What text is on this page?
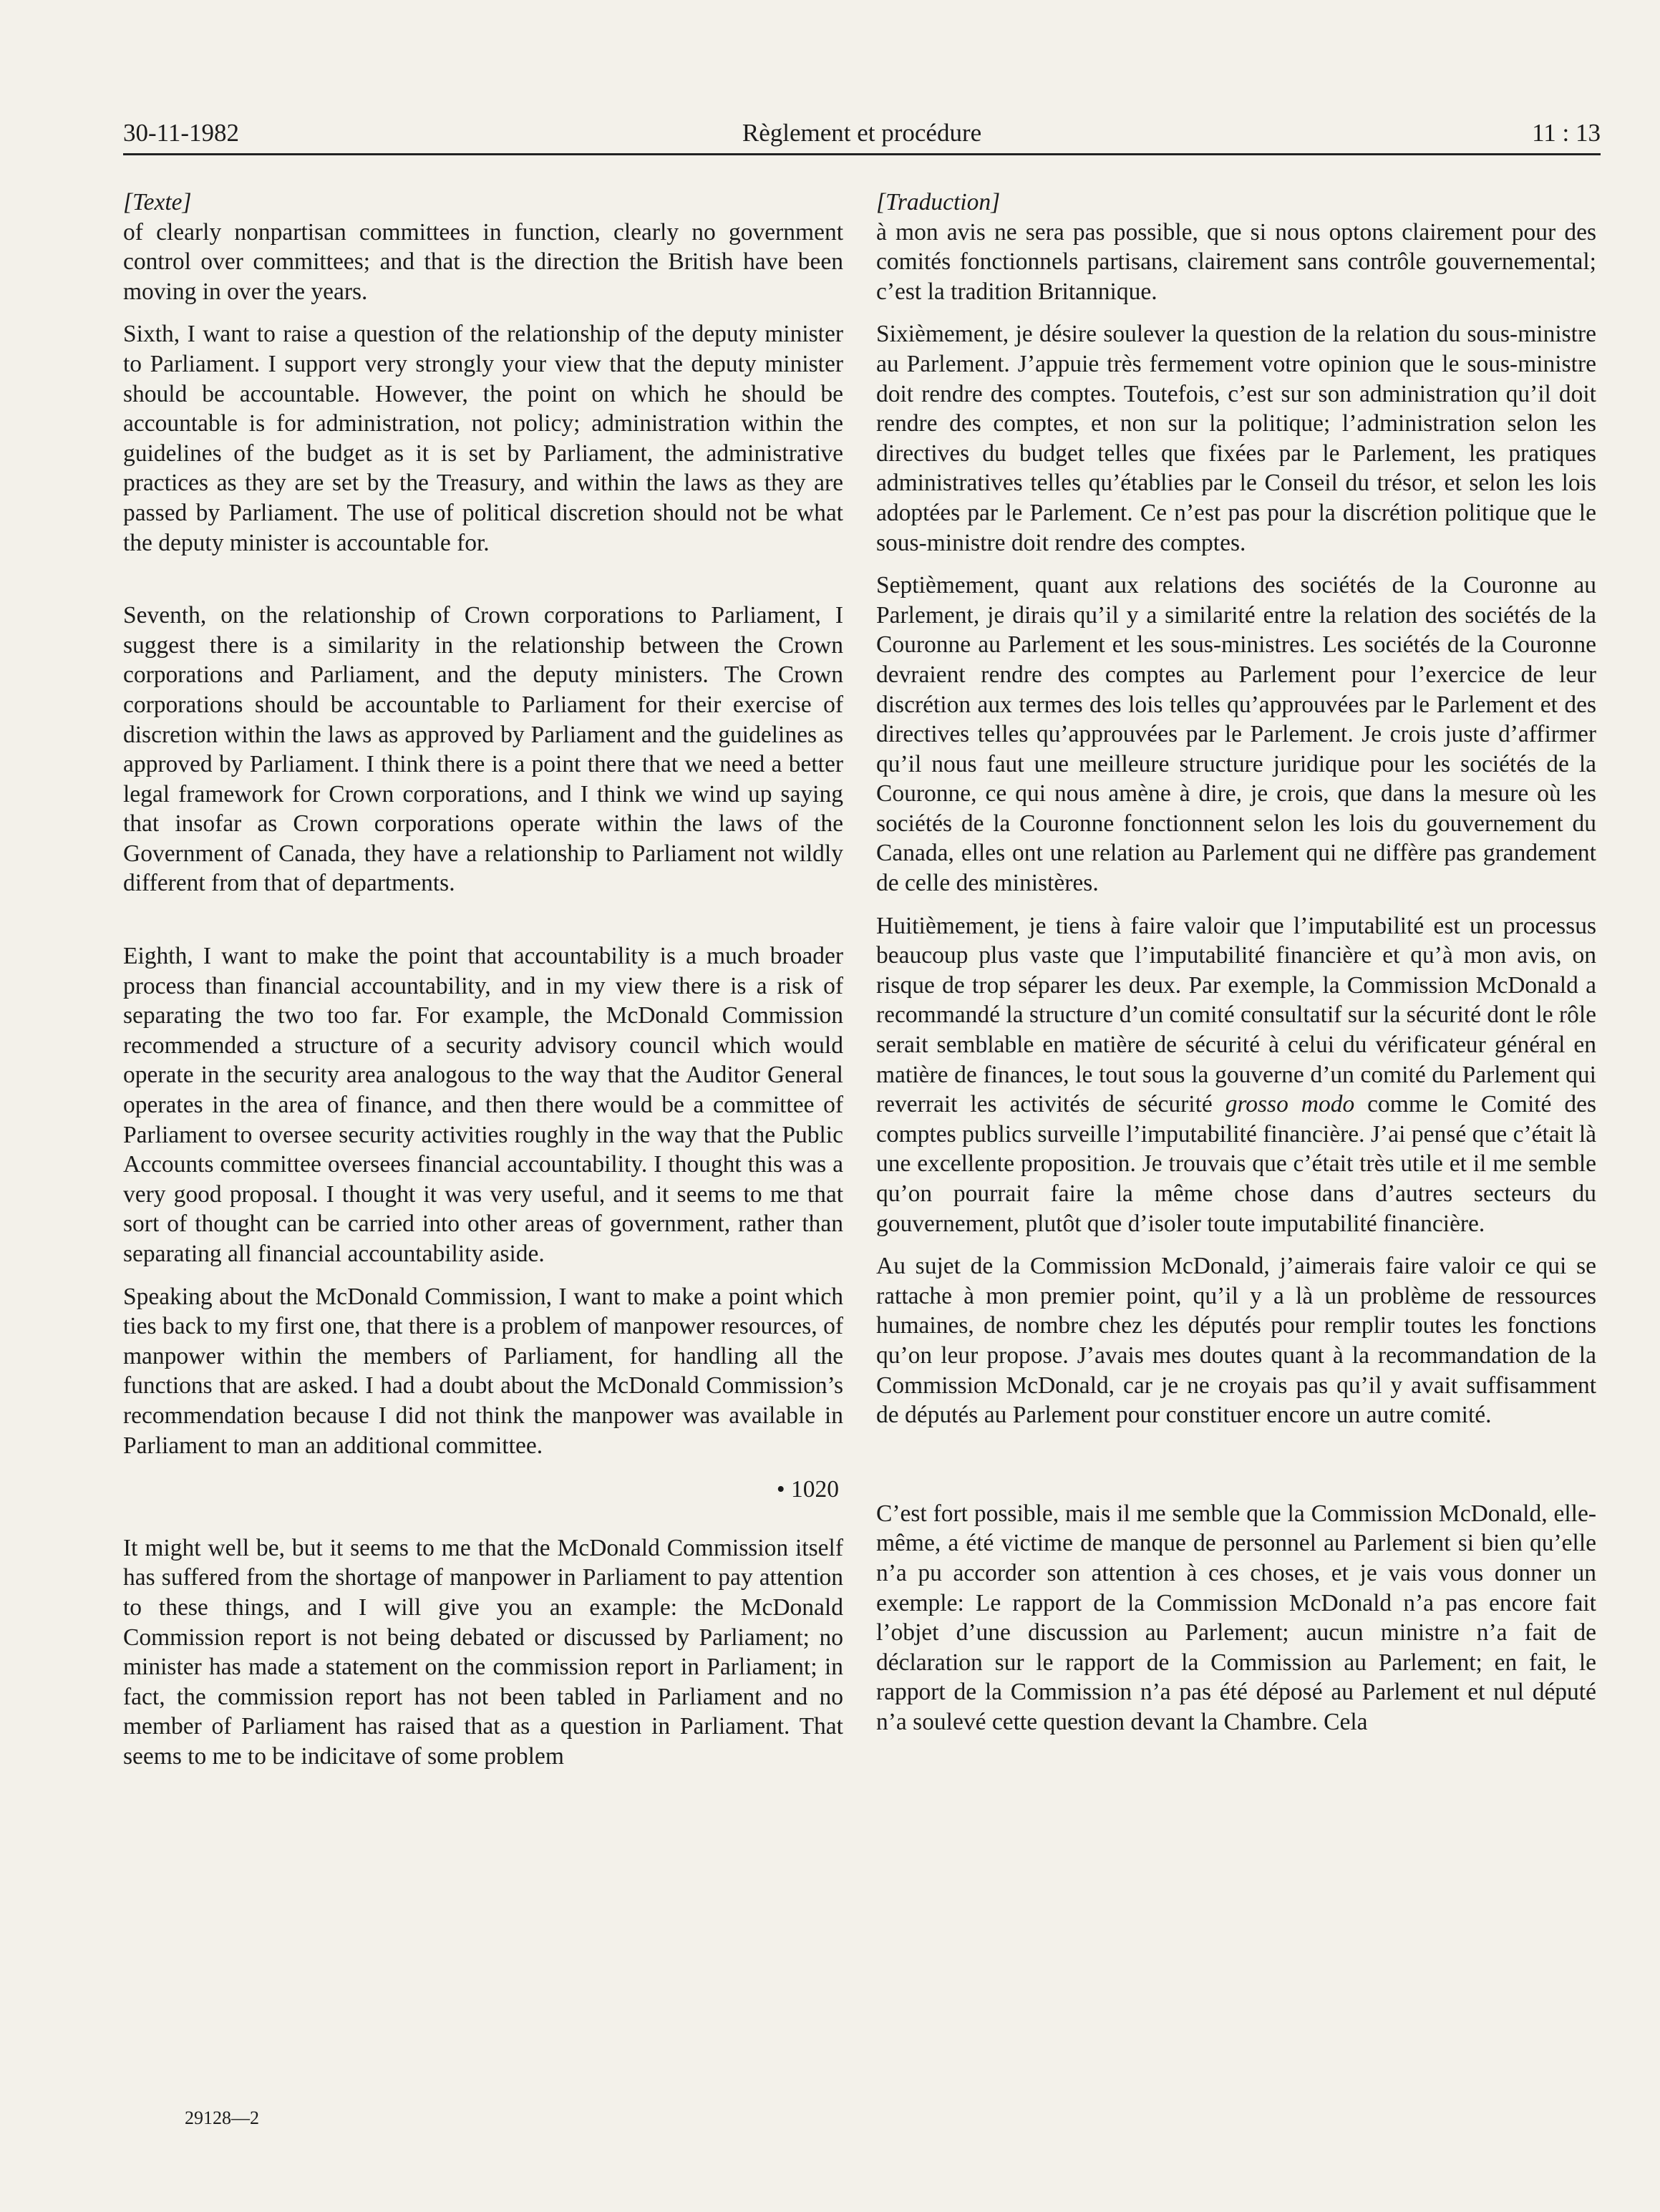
30-11-1982	Règlement et procédure	11 : 13

[Texte]

of clearly nonpartisan committees in function, clearly no government control over committees; and that is the direction the British have been moving in over the years.

Sixth, I want to raise a question of the relationship of the deputy minister to Parliament. I support very strongly your view that the deputy minister should be accountable. However, the point on which he should be accountable is for administration, not policy; administration within the guidelines of the budget as it is set by Parliament, the administrative practices as they are set by the Treasury, and within the laws as they are passed by Parliament. The use of political discretion should not be what the deputy minister is accountable for.

Seventh, on the relationship of Crown corporations to Parliament, I suggest there is a similarity in the relationship between the Crown corporations and Parliament, and the deputy ministers. The Crown corporations should be accountable to Parliament for their exercise of discretion within the laws as approved by Parliament and the guidelines as approved by Parliament. I think there is a point there that we need a better legal framework for Crown corporations, and I think we wind up saying that insofar as Crown corporations operate within the laws of the Government of Canada, they have a relationship to Parliament not wildly different from that of departments.

Eighth, I want to make the point that accountability is a much broader process than financial accountability, and in my view there is a risk of separating the two too far. For example, the McDonald Commission recommended a structure of a security advisory council which would operate in the security area analogous to the way that the Auditor General operates in the area of finance, and then there would be a committee of Parliament to oversee security activities roughly in the way that the Public Accounts committee oversees financial accountability. I thought this was a very good proposal. I thought it was very useful, and it seems to me that sort of thought can be carried into other areas of government, rather than separating all financial accountability aside.

Speaking about the McDonald Commission, I want to make a point which ties back to my first one, that there is a problem of manpower resources, of manpower within the members of Parliament, for handling all the functions that are asked. I had a doubt about the McDonald Commission’s recommendation because I did not think the manpower was available in Parliament to man an additional committee.

• 1020

It might well be, but it seems to me that the McDonald Commission itself has suffered from the shortage of manpower in Parliament to pay attention to these things, and I will give you an example: the McDonald Commission report is not being debated or discussed by Parliament; no minister has made a statement on the commission report in Parliament; in fact, the commission report has not been tabled in Parliament and no member of Parliament has raised that as a question in Parliament. That seems to me to be indicitave of some problem

[Traduction]

à mon avis ne sera pas possible, que si nous optons clairement pour des comités fonctionnels partisans, clairement sans contrôle gouvernemental; c’est la tradition Britannique.

Sixièmement, je désire soulever la question de la relation du sous-ministre au Parlement. J’appuie très fermement votre opinion que le sous-ministre doit rendre des comptes. Toutefois, c’est sur son administration qu’il doit rendre des comptes, et non sur la politique; l’administration selon les directives du budget telles que fixées par le Parlement, les pratiques administratives telles qu’établies par le Conseil du trésor, et selon les lois adoptées par le Parlement. Ce n’est pas pour la discrétion politique que le sous-ministre doit rendre des comptes.

Septièmement, quant aux relations des sociétés de la Couronne au Parlement, je dirais qu’il y a similarité entre la relation des sociétés de la Couronne au Parlement et les sous-ministres. Les sociétés de la Couronne devraient rendre des comptes au Parlement pour l’exercice de leur discrétion aux termes des lois telles qu’approuvées par le Parlement et des directives telles qu’approuvées par le Parlement. Je crois juste d’affirmer qu’il nous faut une meilleure structure juridique pour les sociétés de la Couronne, ce qui nous amène à dire, je crois, que dans la mesure où les sociétés de la Couronne fonctionnent selon les lois du gouvernement du Canada, elles ont une relation au Parlement qui ne diffère pas grandement de celle des ministères.

Huitièmement, je tiens à faire valoir que l’imputabilité est un processus beaucoup plus vaste que l’imputabilité financière et qu’à mon avis, on risque de trop séparer les deux. Par exemple, la Commission McDonald a recommandé la structure d’un comité consultatif sur la sécurité dont le rôle serait semblable en matière de sécurité à celui du vérificateur général en matière de finances, le tout sous la gouverne d’un comité du Parlement qui reverrait les activités de sécurité grosso modo comme le Comité des comptes publics surveille l’imputabilité financière. J’ai pensé que c’était là une excellente proposition. Je trouvais que c’était très utile et il me semble qu’on pourrait faire la même chose dans d’autres secteurs du gouvernement, plutôt que d’isoler toute imputabilité financière.

Au sujet de la Commission McDonald, j’aimerais faire valoir ce qui se rattache à mon premier point, qu’il y a là un problème de ressources humaines, de nombre chez les députés pour remplir toutes les fonctions qu’on leur propose. J’avais mes doutes quant à la recommandation de la Commission McDonald, car je ne croyais pas qu’il y avait suffisamment de députés au Parlement pour constituer encore un autre comité.

C’est fort possible, mais il me semble que la Commission McDonald, elle-même, a été victime de manque de personnel au Parlement si bien qu’elle n’a pu accorder son attention à ces choses, et je vais vous donner un exemple: Le rapport de la Commission McDonald n’a pas encore fait l’objet d’une discussion au Parlement; aucun ministre n’a fait de déclaration sur le rapport de la Commission au Parlement; en fait, le rapport de la Commission n’a pas été déposé au Parlement et nul député n’a soulevé cette question devant la Chambre. Cela

29128—2
